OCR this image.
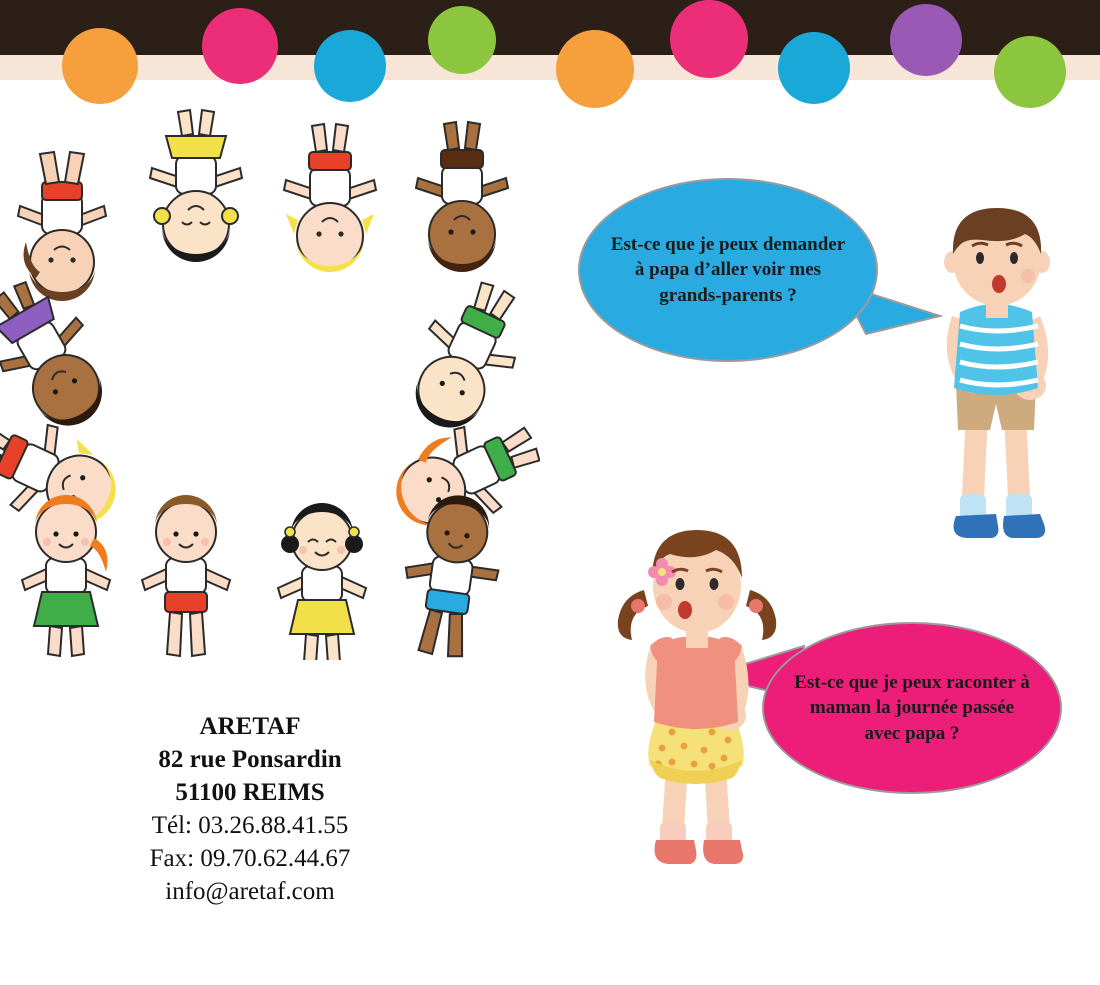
ARETAF
82 rue Ponsardin
51100 REIMS
Tél: 03.26.88.41.55
Fax: 09.70.62.44.67
info@aretaf.com
Est-ce que je peux demander à papa d’aller voir mes grands-parents ?
Est-ce que je peux raconter à maman la journée passée avec papa ?
